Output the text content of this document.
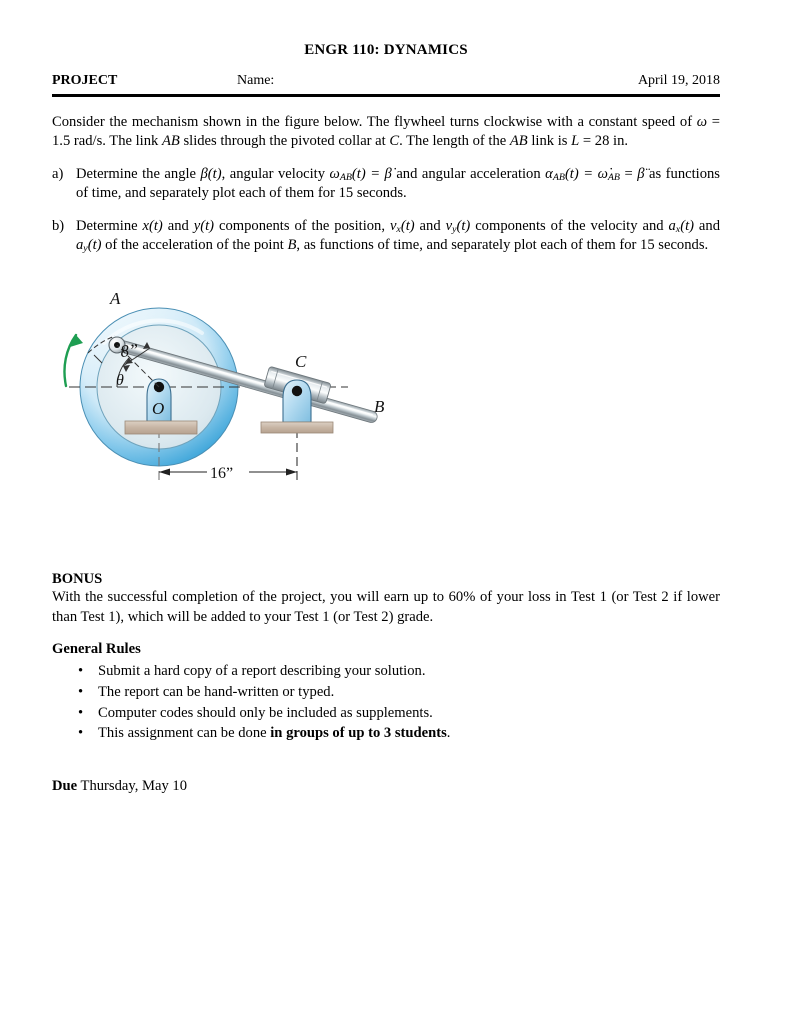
ENGR 110: DYNAMICS
PROJECT	Name:	April 19, 2018

Consider the mechanism shown in the figure below. The flywheel turns clockwise with a constant speed of ω = 1.5 rad/s. The link AB slides through the pivoted collar at C. The length of the AB link is L = 28 in.

a) Determine the angle β(t), angular velocity $\omega_{AB}(t)$ = β̇ and angular acceleration $\alpha_{AB}(t)$ = $\omegȧ_{AB}$ = β̈ as functions of time, and separately plot each of them for 15 seconds.
b) Determine x(t) and y(t) components of the position, $v_x(t)$ and $v_y(t)$ components of the velocity and $a_x(t)$ and $a_y(t)$ of the acceleration of the point B, as functions of time, and separately plot each of them for 15 seconds.
A
B
C
O
θ
8”
16”
BONUS

With the successful completion of the project, you will earn up to 60% of your loss in Test 1 (or Test 2 if lower than Test 1), which will be added to your Test 1 (or Test 2) grade.

General Rules
•	Submit a hard copy of a report describing your solution.
•	The report can be hand-written or typed.
•	Computer codes should only be included as supplements.
•	This assignment can be done in groups of up to 3 students.
Due Thursday, May 10
